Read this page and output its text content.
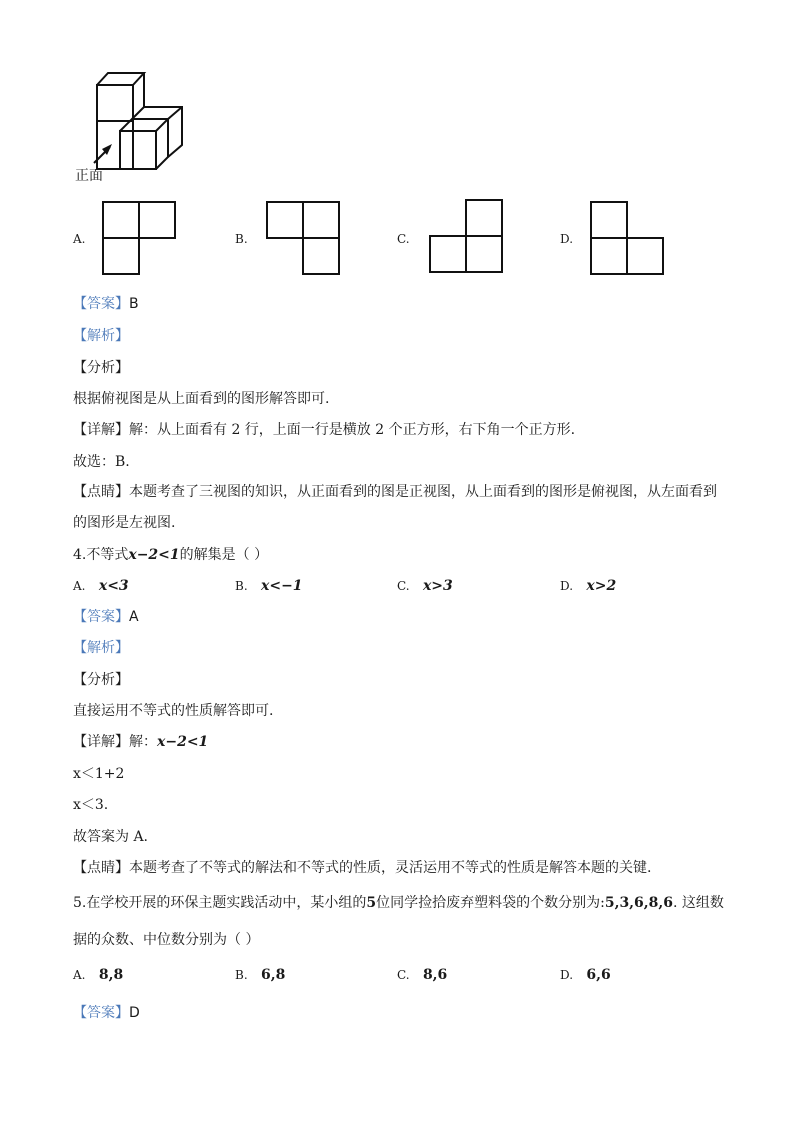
正面
A.	B.	C.	D.
【答案】B
【解析】
【分析】
根据俯视图是从上面看到的图形解答即可.
【详解】解：从上面看有 2 行，上面一行是横放 2 个正方形，右下角一个正方形.
故选：B.
【点睛】本题考查了三视图的知识，从正面看到的图是正视图，从上面看到的图形是俯视图，从左面看到
的图形是左视图.
4.不等式x−2<1的解集是（ ）
A. x<3	B. x<−1	C. x>3	D. x>2
【答案】A
【解析】
【分析】
直接运用不等式的性质解答即可.
【详解】解：x−2<1
x＜1+2
x＜3.
故答案为 A.
【点睛】本题考查了不等式的解法和不等式的性质，灵活运用不等式的性质是解答本题的关键.
5.在学校开展的环保主题实践活动中，某小组的5位同学捡拾废弃塑料袋的个数分别为:5,3,6,8,6. 这组数
据的众数、中位数分别为（ ）
A. 8,8	B. 6,8	C. 8,6	D. 6,6
【答案】D
